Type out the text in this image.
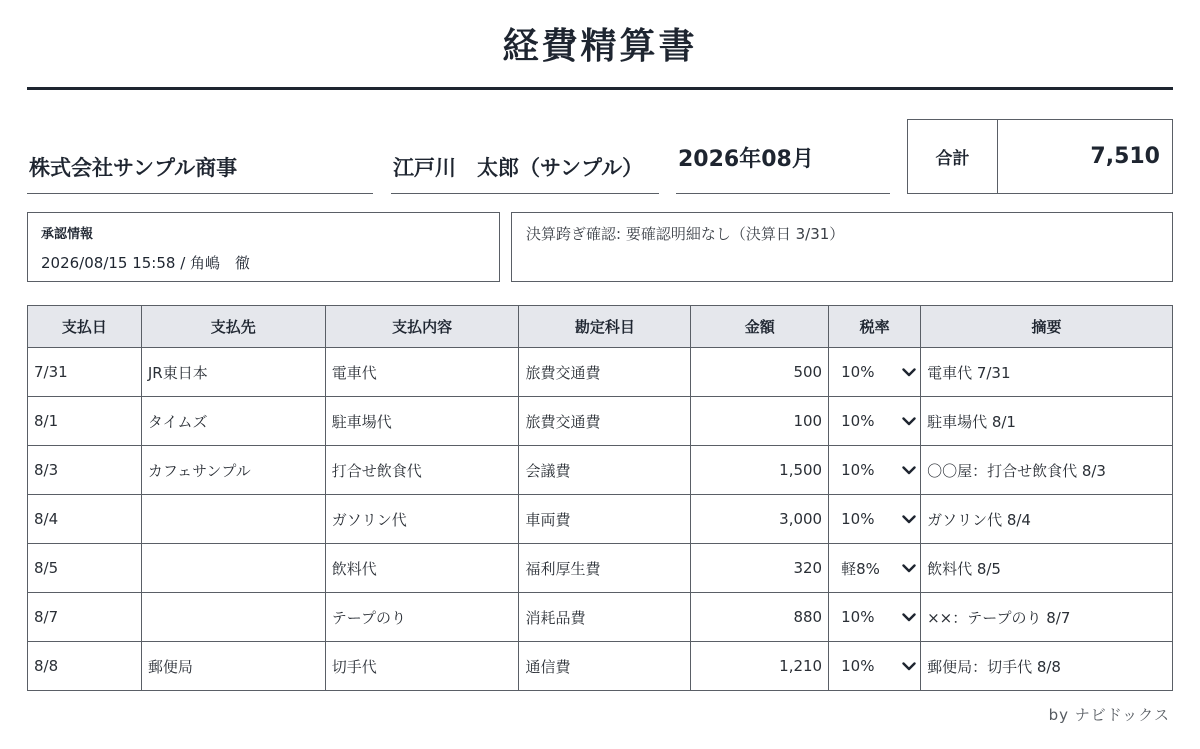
経費精算書
株式会社サンプル商事	江戸川　太郎（サンプル）	2026年08月	合計	7,510
承認情報
2026/08/15 15:58 / 角嶋　徹
決算跨ぎ確認: 要確認明細なし（決算日 3/31）
支払日	支払先	支払内容	勘定科目	金額	税率	摘要
7/31	JR東日本	電車代	旅費交通費	500	10%	電車代 7/31
8/1	タイムズ	駐車場代	旅費交通費	100	10%	駐車場代 8/1
8/3	カフェサンプル	打合せ飲食代	会議費	1,500	10%	〇〇屋：打合せ飲食代 8/3
8/4		ガソリン代	車両費	3,000	10%	ガソリン代 8/4
8/5		飲料代	福利厚生費	320	軽8%	飲料代 8/5
8/7		テープのり	消耗品費	880	10%	××：テープのり 8/7
8/8	郵便局	切手代	通信費	1,210	10%	郵便局：切手代 8/8
by ナビドックス
